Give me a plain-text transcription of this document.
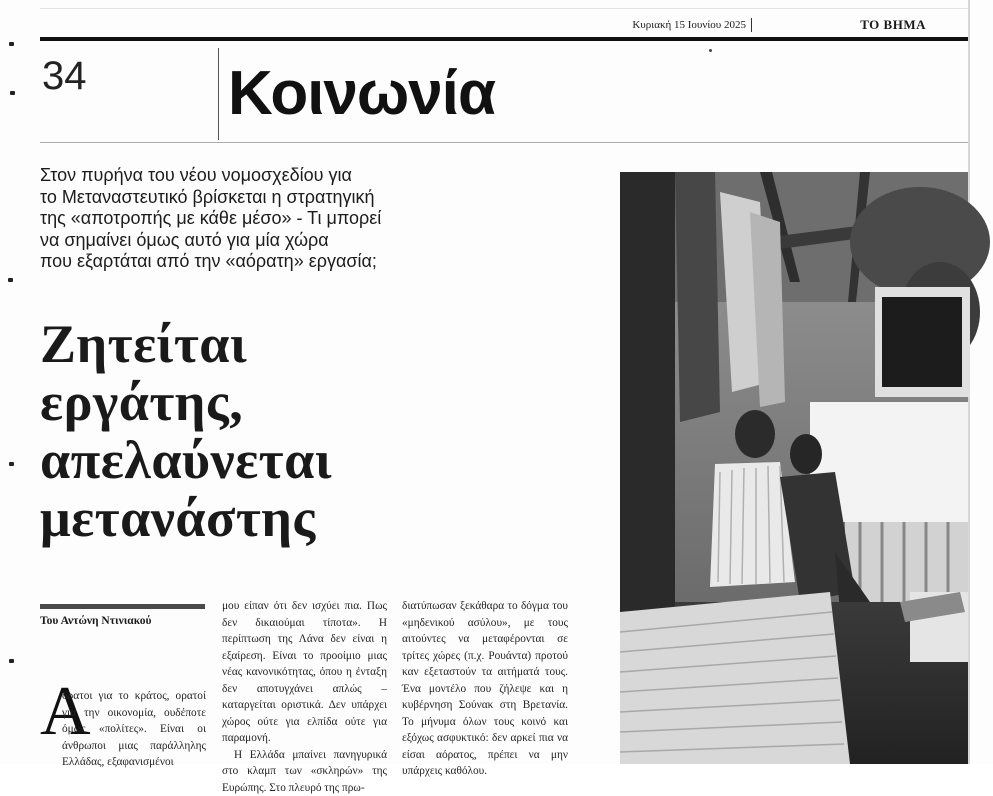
Κυριακή 15 Ιουνίου 2025	ΤΟ ΒΗΜΑ
34 Κοινωνία
Στον πυρήνα του νέου νομοσχεδίου για
το Μεταναστευτικό βρίσκεται η στρατηγική
της «αποτροπής με κάθε μέσο» - Τι μπορεί
να σημαίνει όμως αυτό για μία χώρα
που εξαρτάται από την «αόρατη» εργασία;
Ζητείται
εργάτης,
απελαύνεται
μετανάστης
Του Αντώνη Ντινιακού
Α

όρατοι για το κράτος, ορατοί για την οικονομία, ουδέποτε όμως «πολίτες». Είναι οι άνθρωποι μιας παράλληλης Ελλάδας, εξαφανισμένοι

μου είπαν ότι δεν ισχύει πια. Πως δεν δικαιούμαι τίποτα». Η περίπτωση της Λάνα δεν είναι η εξαίρεση. Είναι το προοίμιο μιας νέας κανονικότητας, όπου η ένταξη δεν αποτυγχάνει απλώς – καταργείται οριστικά. Δεν υπάρχει χώρος ούτε για ελπίδα ούτε για παραμονή.

Η Ελλάδα μπαίνει πανηγυρικά στο κλαμπ των «σκληρών» της Ευρώπης. Στο πλευρό της πρω-

διατύπωσαν ξεκάθαρα το δόγμα του «μηδενικού ασύλου», με τους αιτούντες να μεταφέρονται σε τρίτες χώρες (π.χ. Ρουάντα) προτού καν εξεταστούν τα αιτήματά τους. Ένα μοντέλο που ζήλεψε και η κυβέρνηση Σούνακ στη Βρετανία. Το μήνυμα όλων τους κοινό και εξόχως ασφυκτικό: δεν αρκεί πια να είσαι αόρατος, πρέπει να μην υπάρχεις καθόλου.
